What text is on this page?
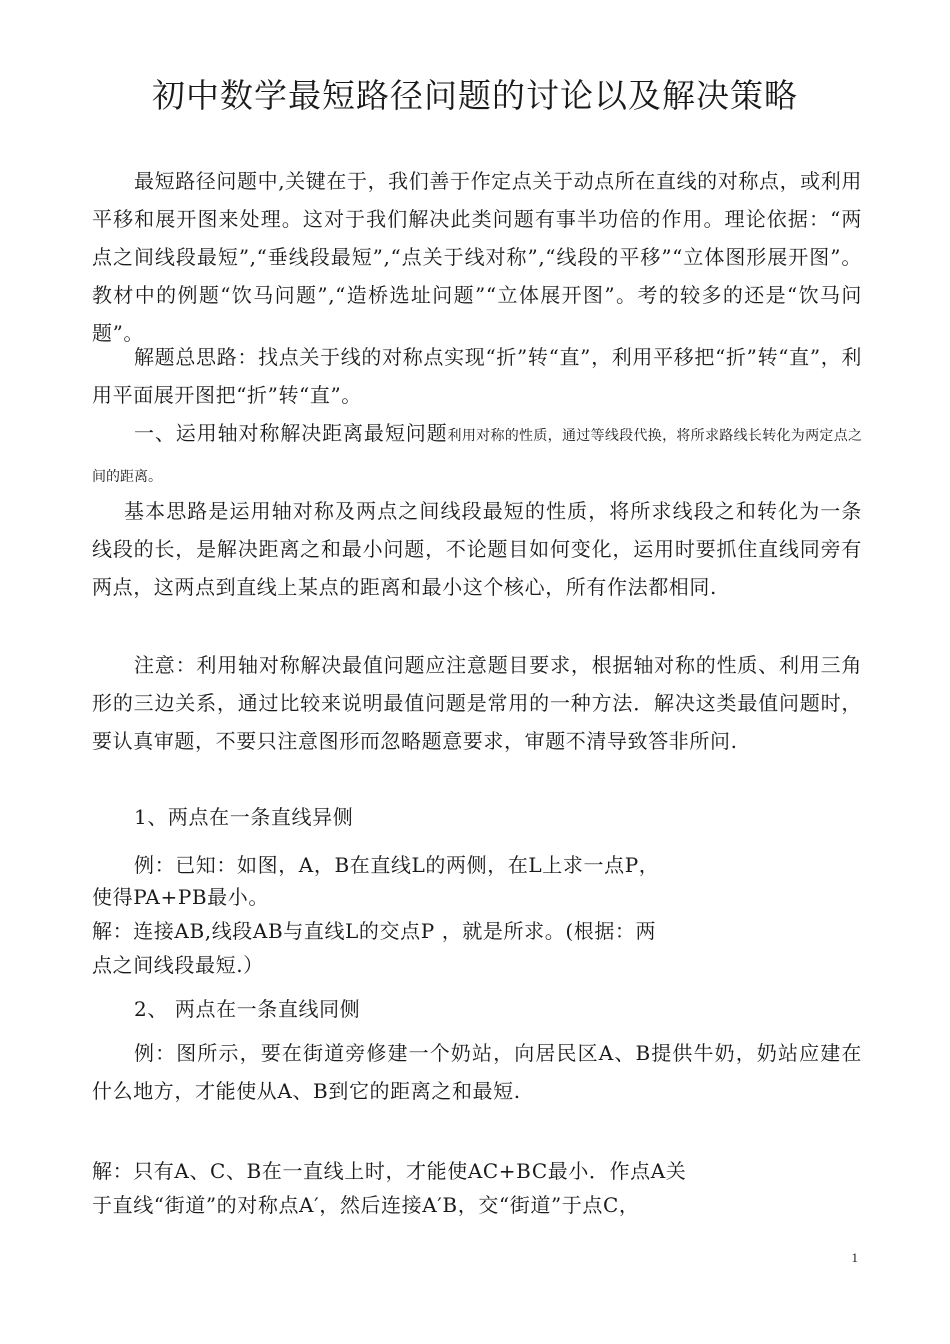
初中数学最短路径问题的讨论以及解决策略
最短路径问题中,关键在于，我们善于作定点关于动点所在直线的对称点，或利用平移和展开图来处理。这对于我们解决此类问题有事半功倍的作用。理论依据：“两点之间线段最短”,“垂线段最短”,“点关于线对称”,“线段的平移”“立体图形展开图”。教材中的例题“饮马问题”,“造桥选址问题”“立体展开图”。考的较多的还是“饮马问题”。
解题总思路：找点关于线的对称点实现“折”转“直”，利用平移把“折”转“直”，利用平面展开图把“折”转“直”。
一、运用轴对称解决距离最短问题利用对称的性质，通过等线段代换，将所求路线长转化为两定点之间的距离。
基本思路是运用轴对称及两点之间线段最短的性质，将所求线段之和转化为一条线段的长，是解决距离之和最小问题，不论题目如何变化，运用时要抓住直线同旁有两点，这两点到直线上某点的距离和最小这个核心，所有作法都相同.
注意：利用轴对称解决最值问题应注意题目要求，根据轴对称的性质、利用三角形的三边关系，通过比较来说明最值问题是常用的一种方法．解决这类最值问题时，要认真审题，不要只注意图形而忽略题意要求，审题不清导致答非所问.
1、两点在一条直线异侧
例：已知：如图，A，B在直线L的两侧，在L上求一点P，
使得PA+PB最小。
解：连接AB,线段AB与直线L的交点P ，就是所求。(根据：两
点之间线段最短.）
2、 两点在一条直线同侧
例：图所示，要在街道旁修建一个奶站，向居民区A、B提供牛奶，奶站应建在什么地方，才能使从A、B到它的距离之和最短.
解：只有A、C、B在一直线上时，才能使AC+BC最小．作点A关
于直线“街道”的对称点A′，然后连接A′B，交“街道”于点C，
1
